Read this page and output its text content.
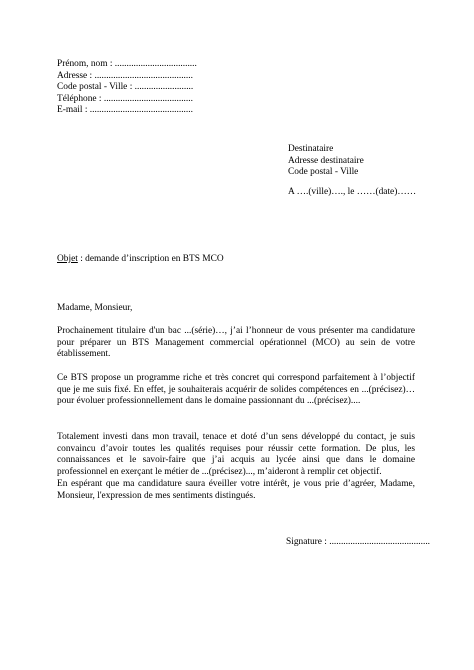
Prénom, nom : ...................................
Adresse : ..........................................
Code postal - Ville : .........................
Téléphone : ......................................
E-mail : ............................................
Destinataire
Adresse destinataire
Code postal - Ville
A ….(ville)…., le ……(date)……
Objet : demande d’inscription en BTS MCO
Madame, Monsieur,
Prochainement titulaire d'un bac ...(série)…, j’ai l’honneur de vous présenter ma candidature pour préparer un BTS Management commercial opérationnel (MCO) au sein de votre établissement.
Ce BTS propose un programme riche et très concret qui correspond parfaitement à l’objectif que je me suis fixé. En effet, je souhaiterais acquérir de solides compétences en ...(précisez)… pour évoluer professionnellement dans le domaine passionnant du ...(précisez)....
Totalement investi dans mon travail, tenace et doté d’un sens développé du contact, je suis convaincu d’avoir toutes les qualités requises pour réussir cette formation. De plus, les connaissances et le savoir-faire que j’ai acquis au lycée ainsi que dans le domaine professionnel en exerçant le métier de ...(précisez)..., m’aideront à remplir cet objectif.
En espérant que ma candidature saura éveiller votre intérêt, je vous prie d’agréer, Madame, Monsieur, l'expression de mes sentiments distingués.
Signature : ...........................................
